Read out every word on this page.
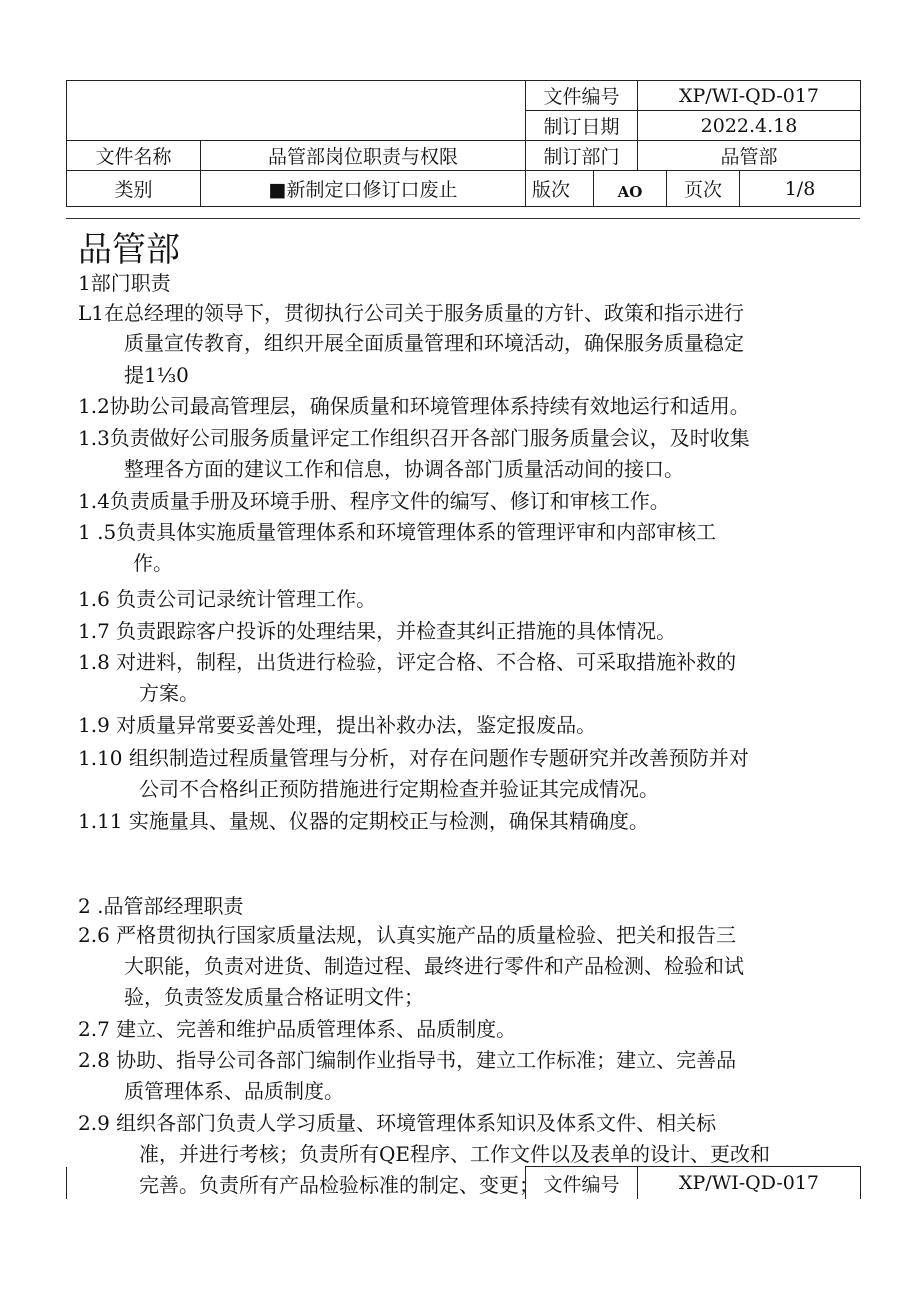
		文件编号		XP/WI-QD-017		
		制订日期		2022.4.18		
文件名称	品管部岗位职责与权限	制订部门		品管部		
类别	■新制定口修订口废止	版次	AO		页次	1/8
品管部
1部门职责
L1在总经理的领导下，贯彻执行公司关于服务质量的方针、政策和指示进行
质量宣传教育，组织开展全面质量管理和环境活动，确保服务质量稳定
提1⅓0
1.2协助公司最高管理层，确保质量和环境管理体系持续有效地运行和适用。
1.3负责做好公司服务质量评定工作组织召开各部门服务质量会议，及时收集
整理各方面的建议工作和信息，协调各部门质量活动间的接口。
1.4负责质量手册及环境手册、程序文件的编写、修订和审核工作。
1 .5负责具体实施质量管理体系和环境管理体系的管理评审和内部审核工
作。
1.6 负责公司记录统计管理工作。
1.7 负责跟踪客户投诉的处理结果，并检查其纠正措施的具体情况。
1.8 对进料，制程，出货进行检验，评定合格、不合格、可采取措施补救的
方案。
1.9 对质量异常要妥善处理，提出补救办法，鉴定报废品。
1.10 组织制造过程质量管理与分析，对存在问题作专题研究并改善预防并对
公司不合格纠正预防措施进行定期检查并验证其完成情况。
1.11 实施量具、量规、仪器的定期校正与检测，确保其精确度。
2 .品管部经理职责
2.6 严格贯彻执行国家质量法规，认真实施产品的质量检验、把关和报告三
大职能，负责对进货、制造过程、最终进行零件和产品检测、检验和试
验，负责签发质量合格证明文件；
2.7 建立、完善和维护品质管理体系、品质制度。
2.8 协助、指导公司各部门编制作业指导书，建立工作标准；建立、完善品
质管理体系、品质制度。
2.9 组织各部门负责人学习质量、环境管理体系知识及体系文件、相关标
准，并进行考核；负责所有QE程序、工作文件以及表单的设计、更改和
完善。负责所有产品检验标准的制定、变更；
	文件编号	XP/WI-QD-017
